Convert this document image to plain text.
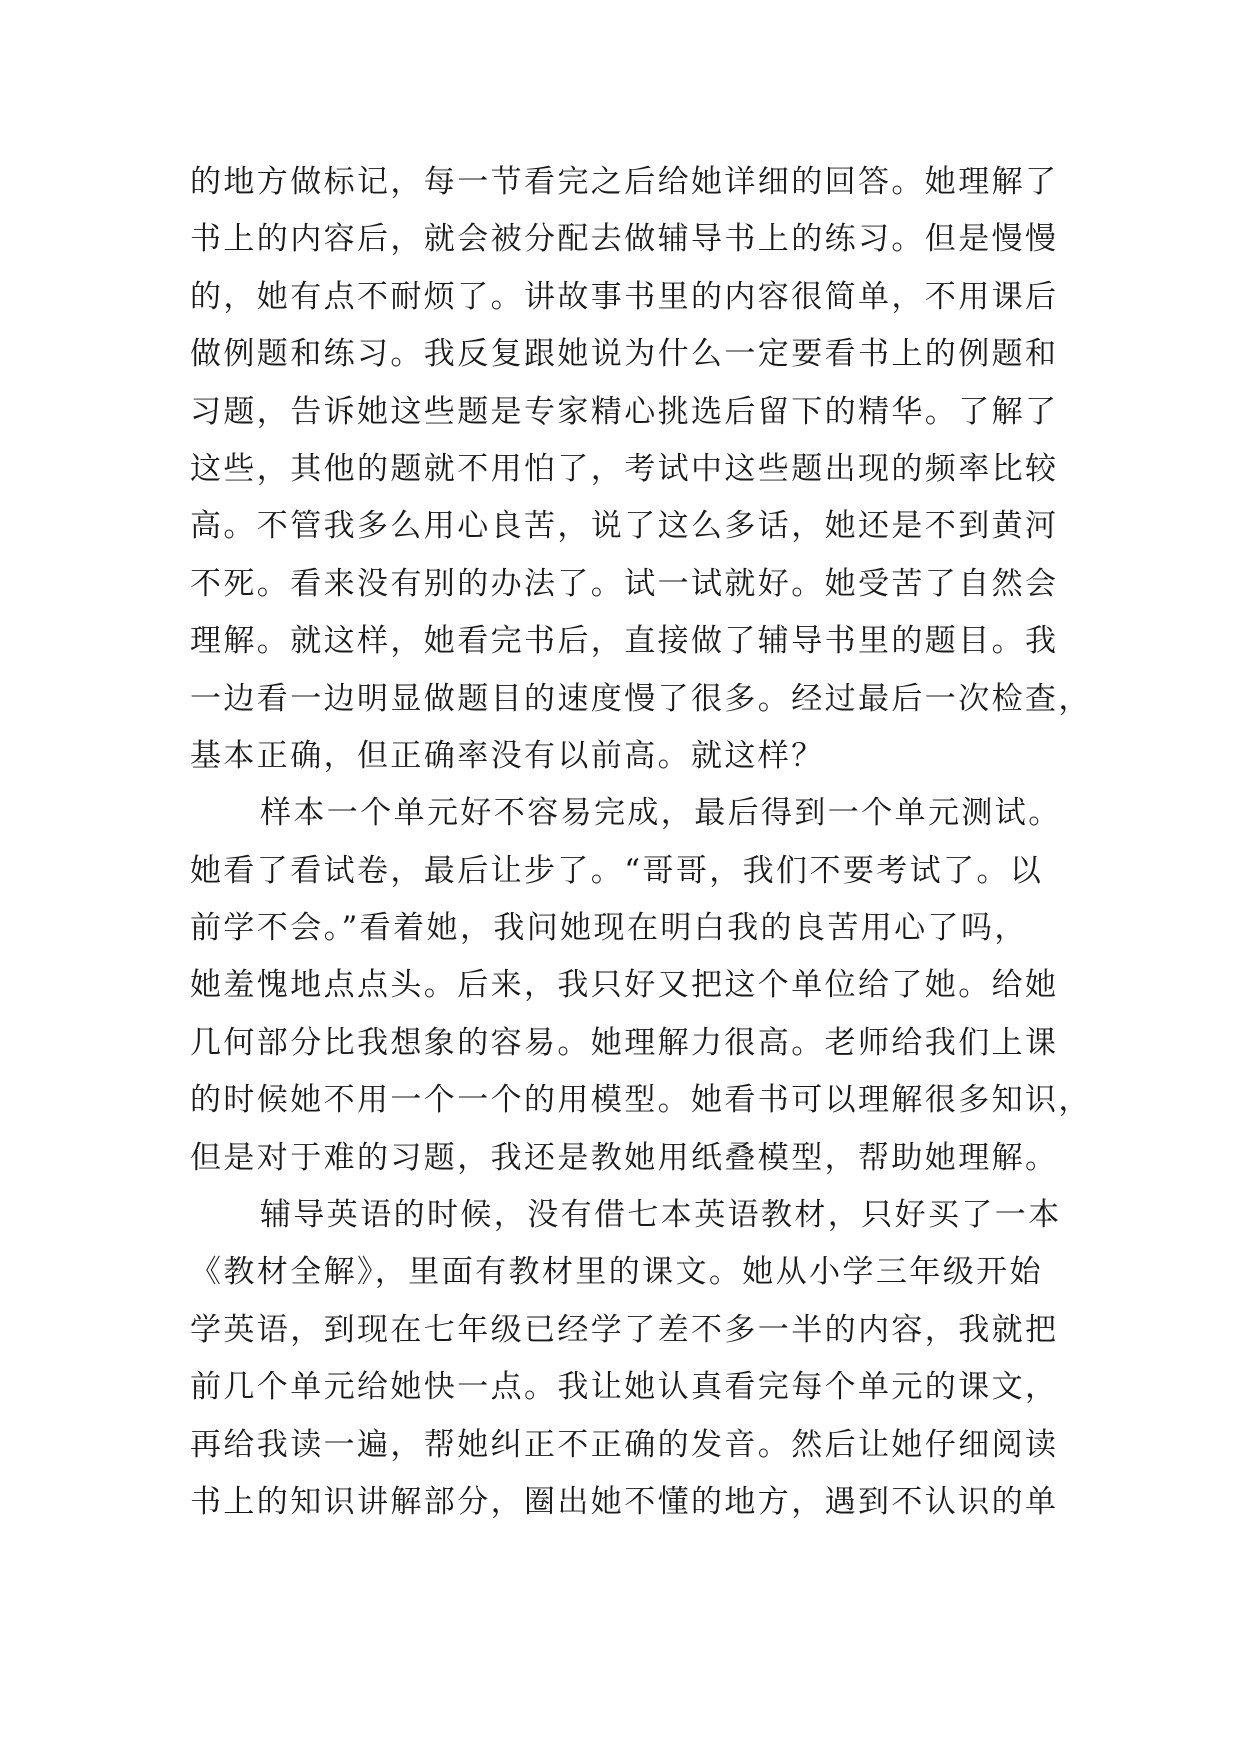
的地方做标记，每一节看完之后给她详细的回答。她理解了
书上的内容后，就会被分配去做辅导书上的练习。但是慢慢
的，她有点不耐烦了。讲故事书里的内容很简单，不用课后
做例题和练习。我反复跟她说为什么一定要看书上的例题和
习题，告诉她这些题是专家精心挑选后留下的精华。了解了
这些，其他的题就不用怕了，考试中这些题出现的频率比较
高。不管我多么用心良苦，说了这么多话，她还是不到黄河
不死。看来没有别的办法了。试一试就好。她受苦了自然会
理解。就这样，她看完书后，直接做了辅导书里的题目。我
一边看一边明显做题目的速度慢了很多。经过最后一次检查，
基本正确，但正确率没有以前高。就这样？
样本一个单元好不容易完成，最后得到一个单元测试。
她看了看试卷，最后让步了。“哥哥，我们不要考试了。以
前学不会。”看着她，我问她现在明白我的良苦用心了吗，
她羞愧地点点头。后来，我只好又把这个单位给了她。给她
几何部分比我想象的容易。她理解力很高。老师给我们上课
的时候她不用一个一个的用模型。她看书可以理解很多知识，
但是对于难的习题，我还是教她用纸叠模型，帮助她理解。
辅导英语的时候，没有借七本英语教材，只好买了一本
《教材全解》，里面有教材里的课文。她从小学三年级开始
学英语，到现在七年级已经学了差不多一半的内容，我就把
前几个单元给她快一点。我让她认真看完每个单元的课文，
再给我读一遍，帮她纠正不正确的发音。然后让她仔细阅读
书上的知识讲解部分，圈出她不懂的地方，遇到不认识的单
